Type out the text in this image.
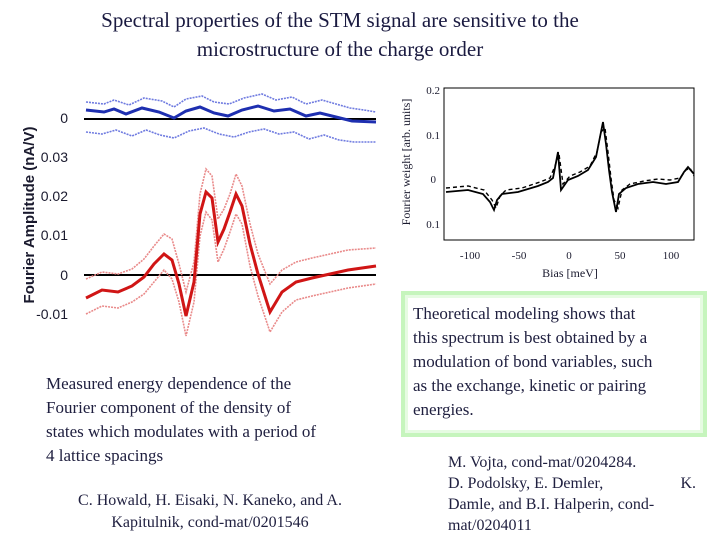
Spectral properties of the STM signal are sensitive to the
microstructure of the charge order
Fourier Amplitude (nA/V)
0
0.03
0.02
0.01
0
-0.01
Fourier weight [arb. units]
0.2
0.1
0
0.1
-100	-50	0	50	100
Bias [meV]
Measured energy dependence of the
Fourier component of the density of
states which modulates with a period of
4 lattice spacings
C. Howald, H. Eisaki, N. Kaneko, and A.
Kapitulnik, cond-mat/0201546
Theoretical modeling shows that
this spectrum is best obtained by a
modulation of bond variables, such
as the exchange, kinetic or pairing
energies.
M. Vojta, cond-mat/0204284.
D. Podolsky, E. Demler,	K.
Damle, and B.I. Halperin, cond-
mat/0204011
